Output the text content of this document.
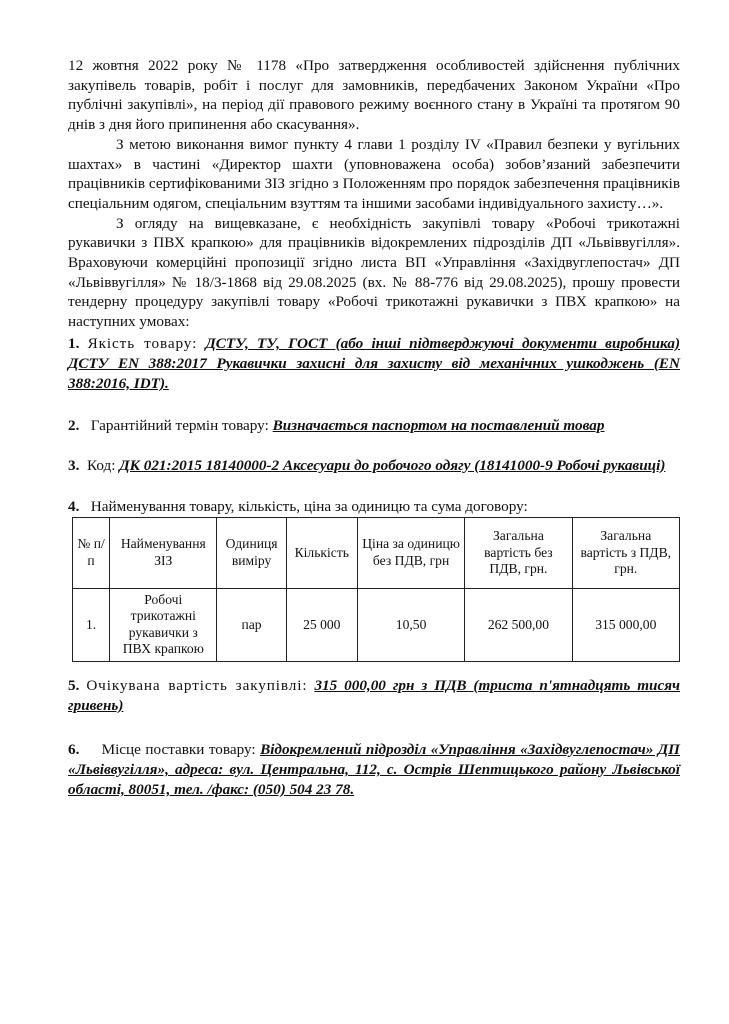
12 жовтня 2022 року № 1178 «Про затвердження особливостей здійснення публічних закупівель товарів, робіт і послуг для замовників, передбачених Законом України «Про публічні закупівлі», на період дії правового режиму воєнного стану в Україні та протягом 90 днів з дня його припинення або скасування».

З метою виконання вимог пункту 4 глави 1 розділу IV «Правил безпеки у вугільних шахтах» в частині «Директор шахти (уповноважена особа) зобов’язаний забезпечити працівників сертифікованими ЗІЗ згідно з Положенням про порядок забезпечення працівників спеціальним одягом, спеціальним взуттям та іншими засобами індивідуального захисту…».

З огляду на вищевказане, є необхідність закупівлі товару «Робочі трикотажні рукавички з ПВХ крапкою» для працівників відокремлених підрозділів ДП «Львіввугілля». Враховуючи комерційні пропозиції згідно листа ВП «Управління «Західвуглепостач» ДП «Львіввугілля» № 18/3-1868 від 29.08.2025 (вх. № 88-776 від 29.08.2025), прошу провести тендерну процедуру закупівлі товару «Робочі трикотажні рукавички з ПВХ крапкою» на наступних умовах:

1. Якість товару: ДСТУ, ТУ, ГОСТ (або інші підтверджуючі документи виробника) ДСТУ EN 388:2017 Рукавички захисні для захисту від механічних ушкоджень (EN 388:2016, IDT).

2. Гарантійний термін товару: Визначається паспортом на поставлений товар

3. Код: ДК 021:2015 18140000-2 Аксесуари до робочого одягу (18141000-9 Робочі рукавиці)

4. Найменування товару, кількість, ціна за одиницю та сума договору:

№ п/п	Найменування ЗІЗ	Одиниця виміру	Кількість	Ціна за одиницю без ПДВ, грн	Загальна вартість без ПДВ, грн.	Загальна вартість з ПДВ, грн.
1.	Робочі трикотажні рукавички з ПВХ крапкою	пар	25 000	10,50	262 500,00	315 000,00

5. Очікувана вартість закупівлі: 315 000,00 грн з ПДВ (триста п'ятнадцять тисяч гривень)

6. Місце поставки товару: Відокремлений підрозділ «Управління «Західвуглепостач» ДП «Львіввугілля», адреса: вул. Центральна, 112, с. Острів Шептицького району Львівської області, 80051, тел. /факс: (050) 504 23 78.
